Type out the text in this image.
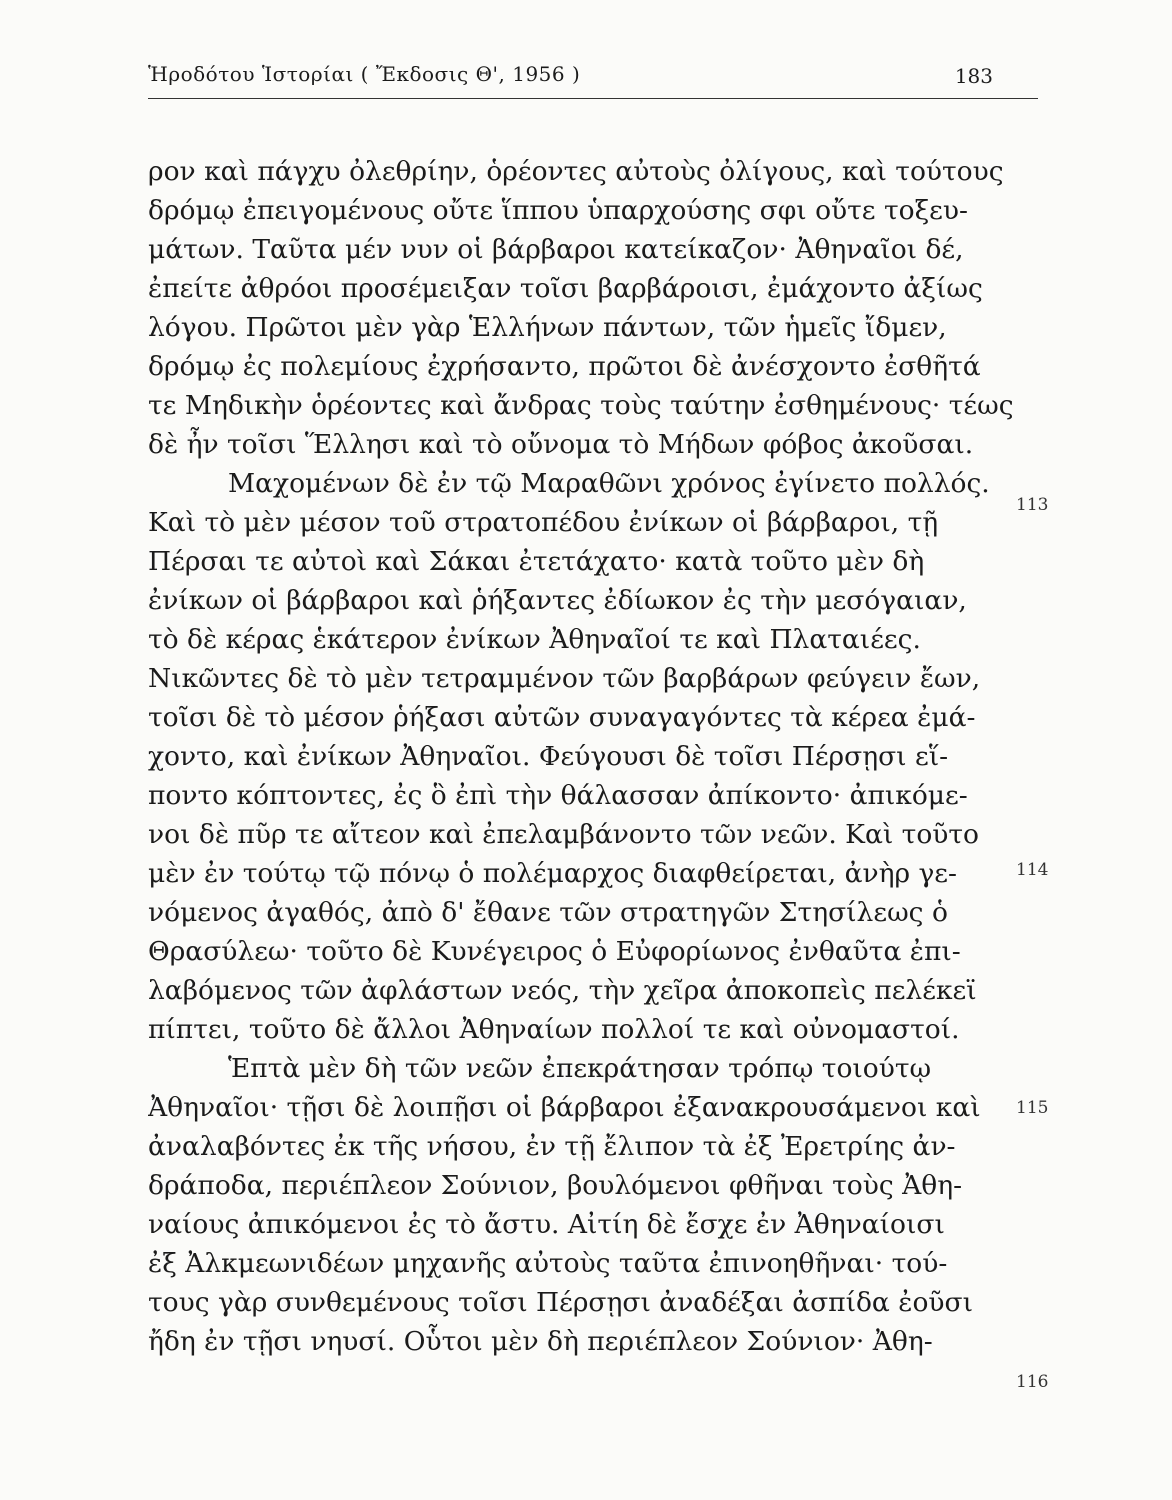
Ἡροδότου Ἱστορίαι ( Ἔκδοσις Θ', 1956 )	183
ρον καὶ πάγχυ ὀλεθρίην, ὁρέοντες αὐτοὺς ὀλίγους, καὶ τούτους
δρόμῳ ἐπειγομένους οὔτε ἵππου ὑπαρχούσης σφι οὔτε τοξευ-
μάτων. Ταῦτα μέν νυν οἱ βάρβαροι κατείκαζον· Ἀθηναῖοι δέ,
ἐπείτε ἀθρόοι προσέμειξαν τοῖσι βαρβάροισι, ἐμάχοντο ἀξίως
λόγου. Πρῶτοι μὲν γὰρ Ἑλλήνων πάντων, τῶν ἡμεῖς ἴδμεν,
δρόμῳ ἐς πολεμίους ἐχρήσαντο, πρῶτοι δὲ ἀνέσχοντο ἐσθῆτά
τε Μηδικὴν ὁρέοντες καὶ ἄνδρας τοὺς ταύτην ἐσθημένους· τέως
δὲ ἦν τοῖσι Ἕλλησι καὶ τὸ οὔνομα τὸ Μήδων φόβος ἀκοῦσαι.
Μαχομένων δὲ ἐν τῷ Μαραθῶνι χρόνος ἐγίνετο πολλός.
Καὶ τὸ μὲν μέσον τοῦ στρατοπέδου ἐνίκων οἱ βάρβαροι, τῇ
Πέρσαι τε αὐτοὶ καὶ Σάκαι ἐτετάχατο· κατὰ τοῦτο μὲν δὴ
ἐνίκων οἱ βάρβαροι καὶ ῥήξαντες ἐδίωκον ἐς τὴν μεσόγαιαν,
τὸ δὲ κέρας ἑκάτερον ἐνίκων Ἀθηναῖοί τε καὶ Πλαταιέες.
Νικῶντες δὲ τὸ μὲν τετραμμένον τῶν βαρβάρων φεύγειν ἔων,
τοῖσι δὲ τὸ μέσον ῥήξασι αὐτῶν συναγαγόντες τὰ κέρεα ἐμά-
χοντο, καὶ ἐνίκων Ἀθηναῖοι. Φεύγουσι δὲ τοῖσι Πέρσῃσι εἵ-
ποντο κόπτοντες, ἐς ὃ ἐπὶ τὴν θάλασσαν ἀπίκοντο· ἀπικόμε-
νοι δὲ πῦρ τε αἴτεον καὶ ἐπελαμβάνοντο τῶν νεῶν. Καὶ τοῦτο
μὲν ἐν τούτῳ τῷ πόνῳ ὁ πολέμαρχος διαφθείρεται, ἀνὴρ γε-
νόμενος ἀγαθός, ἀπὸ δ' ἔθανε τῶν στρατηγῶν Στησίλεως ὁ
Θρασύλεω· τοῦτο δὲ Κυνέγειρος ὁ Εὐφορίωνος ἐνθαῦτα ἐπι-
λαβόμενος τῶν ἀφλάστων νεός, τὴν χεῖρα ἀποκοπεὶς πελέκεϊ
πίπτει, τοῦτο δὲ ἄλλοι Ἀθηναίων πολλοί τε καὶ οὐνομαστοί.
Ἑπτὰ μὲν δὴ τῶν νεῶν ἐπεκράτησαν τρόπῳ τοιούτῳ
Ἀθηναῖοι· τῇσι δὲ λοιπῇσι οἱ βάρβαροι ἐξανακρουσάμενοι καὶ
ἀναλαβόντες ἐκ τῆς νήσου, ἐν τῇ ἔλιπον τὰ ἐξ Ἐρετρίης ἀν-
δράποδα, περιέπλεον Σούνιον, βουλόμενοι φθῆναι τοὺς Ἀθη-
ναίους ἀπικόμενοι ἐς τὸ ἄστυ. Αἰτίη δὲ ἔσχε ἐν Ἀθηναίοισι
ἐξ Ἀλκμεωνιδέων μηχανῆς αὐτοὺς ταῦτα ἐπινοηθῆναι· τού-
τους γὰρ συνθεμένους τοῖσι Πέρσῃσι ἀναδέξαι ἀσπίδα ἐοῦσι
ἤδη ἐν τῇσι νηυσί. Οὗτοι μὲν δὴ περιέπλεον Σούνιον· Ἀθη-
113
114
115
116
